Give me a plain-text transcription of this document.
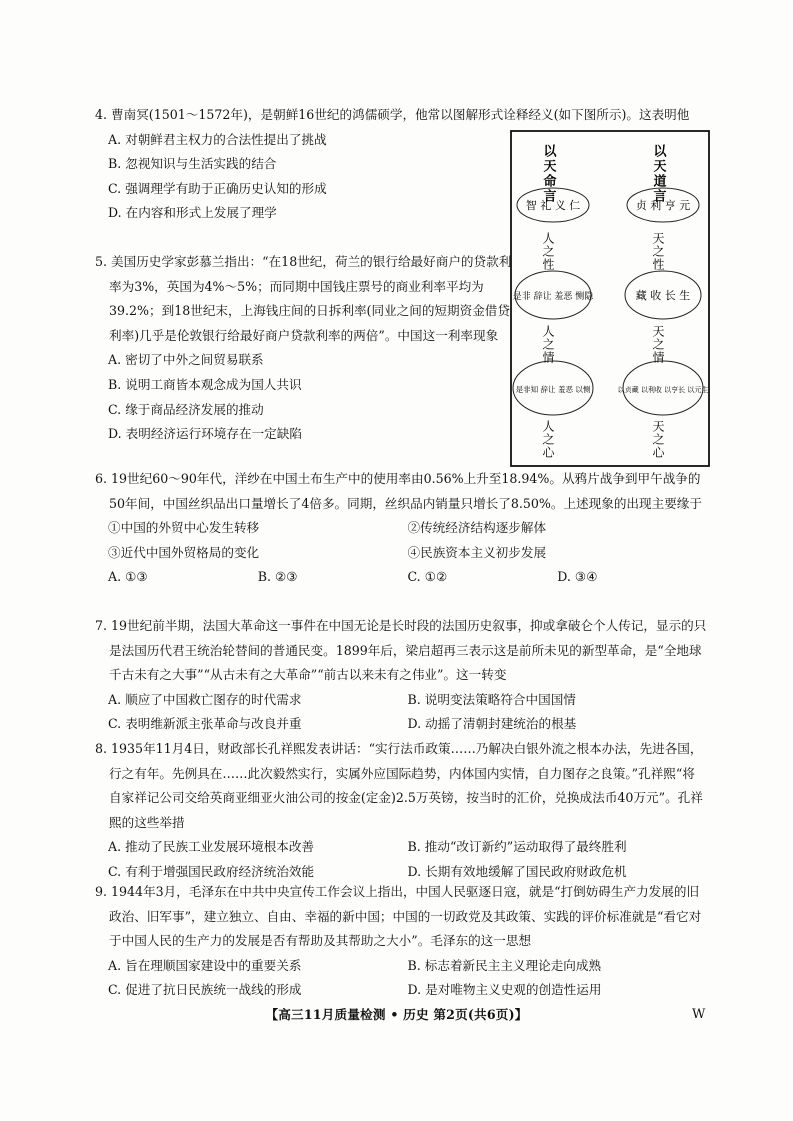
4. 曹南冥(1501～1572年)，是朝鲜16世纪的鸿儒硕学，他常以图解形式诠释经义(如下图所示)。这表明他
A. 对朝鲜君主权力的合法性提出了挑战
B. 忽视知识与生活实践的结合
C. 强调理学有助于正确历史认知的形成
D. 在内容和形式上发展了理学
以天命言
智 礼 义 仁
人之性
是非 辞让 羞恶 恻隐
人之情
是非知 辞让 羞恶 以恻
人之心
以天道言
贞 利 亨 元
天之性
藏 收 长 生
天之情
以贞藏 以利收 以亨长 以元生
天之心
5. 美国历史学家彭慕兰指出：“在18世纪，荷兰的银行给最好商户的贷款利率为3%，英国为4%～5%；而同期中国钱庄票号的商业利率平均为39.2%；到18世纪末，上海钱庄间的日拆利率(同业之间的短期资金借贷利率)几乎是伦敦银行给最好商户贷款利率的两倍”。中国这一利率现象
A. 密切了中外之间贸易联系
B. 说明工商皆本观念成为国人共识
C. 缘于商品经济发展的推动
D. 表明经济运行环境存在一定缺陷
6. 19世纪60～90年代，洋纱在中国土布生产中的使用率由0.56%上升至18.94%。从鸦片战争到甲午战争的50年间，中国丝织品出口量增长了4倍多。同期，丝织品内销量只增长了8.50%。上述现象的出现主要缘于
①中国的外贸中心发生转移	②传统经济结构逐步解体
③近代中国外贸格局的变化	④民族资本主义初步发展
A. ①③	B. ②③	C. ①②	D. ③④
7. 19世纪前半期，法国大革命这一事件在中国无论是长时段的法国历史叙事，抑或拿破仑个人传记，显示的只是法国历代君王统治轮替间的普通民变。1899年后，梁启超再三表示这是前所未见的新型革命，是“全地球千古未有之大事”“从古未有之大革命”“前古以来未有之伟业”。这一转变
A. 顺应了中国救亡图存的时代需求	B. 说明变法策略符合中国国情
C. 表明维新派主张革命与改良并重	D. 动摇了清朝封建统治的根基
8. 1935年11月4日，财政部长孔祥熙发表讲话：“实行法币政策……乃解决白银外流之根本办法，先进各国，行之有年。先例具在……此次毅然实行，实属外应国际趋势，内体国内实情，自力图存之良策。”孔祥熙“将自家祥记公司交给英商亚细亚火油公司的按金(定金)2.5万英镑，按当时的汇价，兑换成法币40万元”。孔祥熙的这些举措
A. 推动了民族工业发展环境根本改善	B. 推动“改订新约”运动取得了最终胜利
C. 有利于增强国民政府经济统治效能	D. 长期有效地缓解了国民政府财政危机
9. 1944年3月，毛泽东在中共中央宣传工作会议上指出，中国人民驱逐日寇，就是“打倒妨碍生产力发展的旧政治、旧军事”，建立独立、自由、幸福的新中国；中国的一切政党及其政策、实践的评价标准就是“看它对于中国人民的生产力的发展是否有帮助及其帮助之大小”。毛泽东的这一思想
A. 旨在理顺国家建设中的重要关系	B. 标志着新民主主义理论走向成熟
C. 促进了抗日民族统一战线的形成	D. 是对唯物主义史观的创造性运用
【高三11月质量检测 • 历史 第2页(共6页)】	W
